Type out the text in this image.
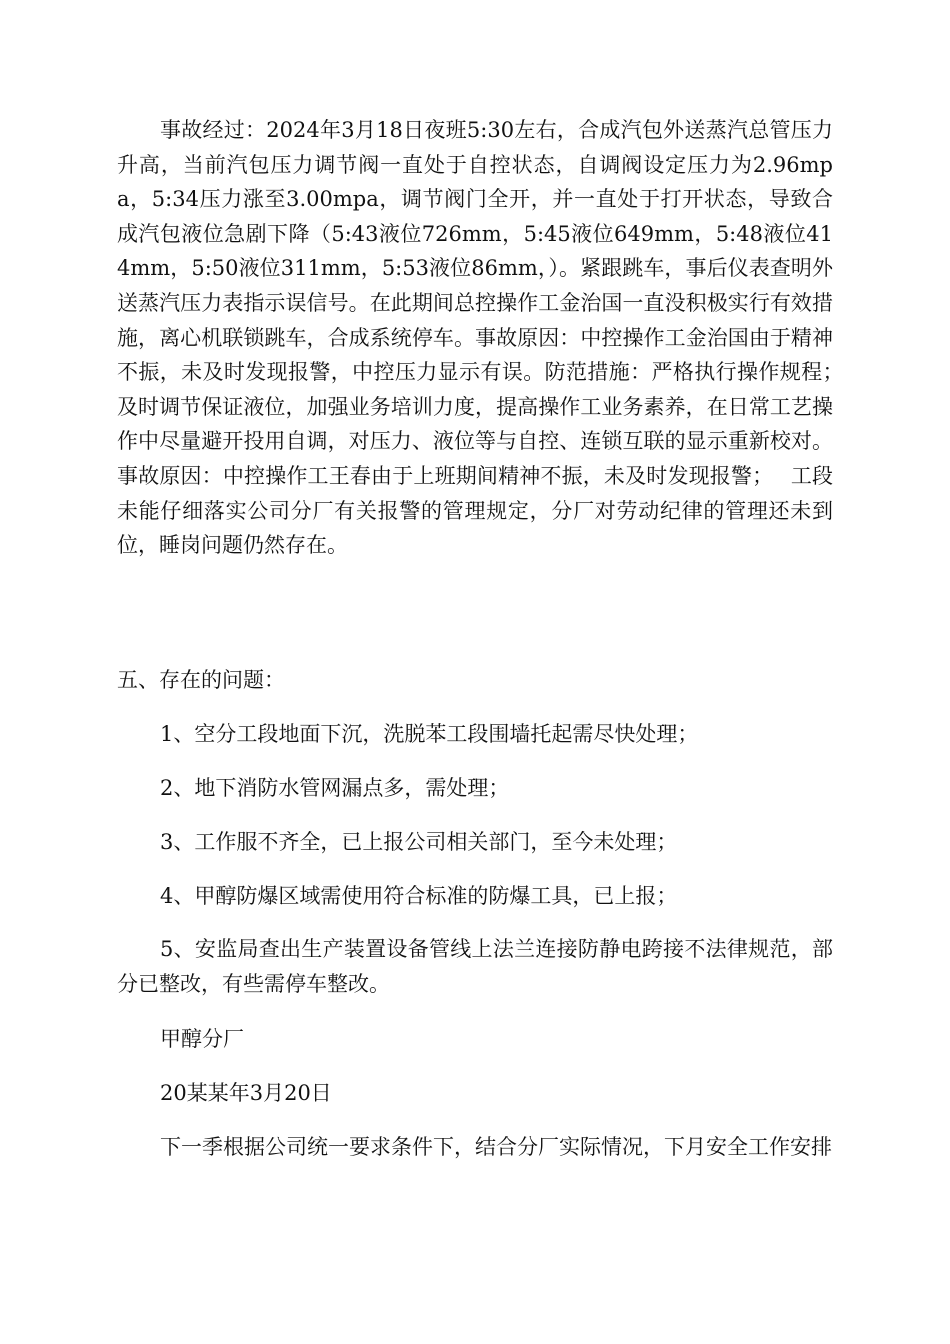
事故经过：2024年3月18日夜班5:30左右，合成汽包外送蒸汽总管压力升高，当前汽包压力调节阀一直处于自控状态，自调阀设定压力为2.96mpa，5:34压力涨至3.00mpa，调节阀门全开，并一直处于打开状态，导致合成汽包液位急剧下降（5:43液位726mm，5:45液位649mm，5:48液位414mm，5:50液位311mm，5:53液位86mm，）。紧跟跳车，事后仪表查明外送蒸汽压力表指示误信号。在此期间总控操作工金治国一直没积极实行有效措施，离心机联锁跳车，合成系统停车。事故原因：中控操作工金治国由于精神不振，未及时发现报警，中控压力显示有误。防范措施：严格执行操作规程；　 及时调节保证液位，加强业务培训力度，提高操作工业务素养，在日常工艺操作中尽量避开投用自调，对压力、液位等与自控、连锁互联的显示重新校对。事故原因：中控操作工王春由于上班期间精神不振，未及时发现报警；　 工段未能仔细落实公司分厂有关报警的管理规定，分厂对劳动纪律的管理还未到位，睡岗问题仍然存在。

五、存在的问题：

1、空分工段地面下沉，洗脱苯工段围墙托起需尽快处理；

2、地下消防水管网漏点多，需处理；

3、工作服不齐全，已上报公司相关部门，至今未处理；

4、甲醇防爆区域需使用符合标准的防爆工具，已上报；

5、安监局查出生产装置设备管线上法兰连接防静电跨接不法律规范，部分已整改，有些需停车整改。

甲醇分厂

20某某年3月20日

下一季根据公司统一要求条件下，结合分厂实际情况，下月安全工作安排
